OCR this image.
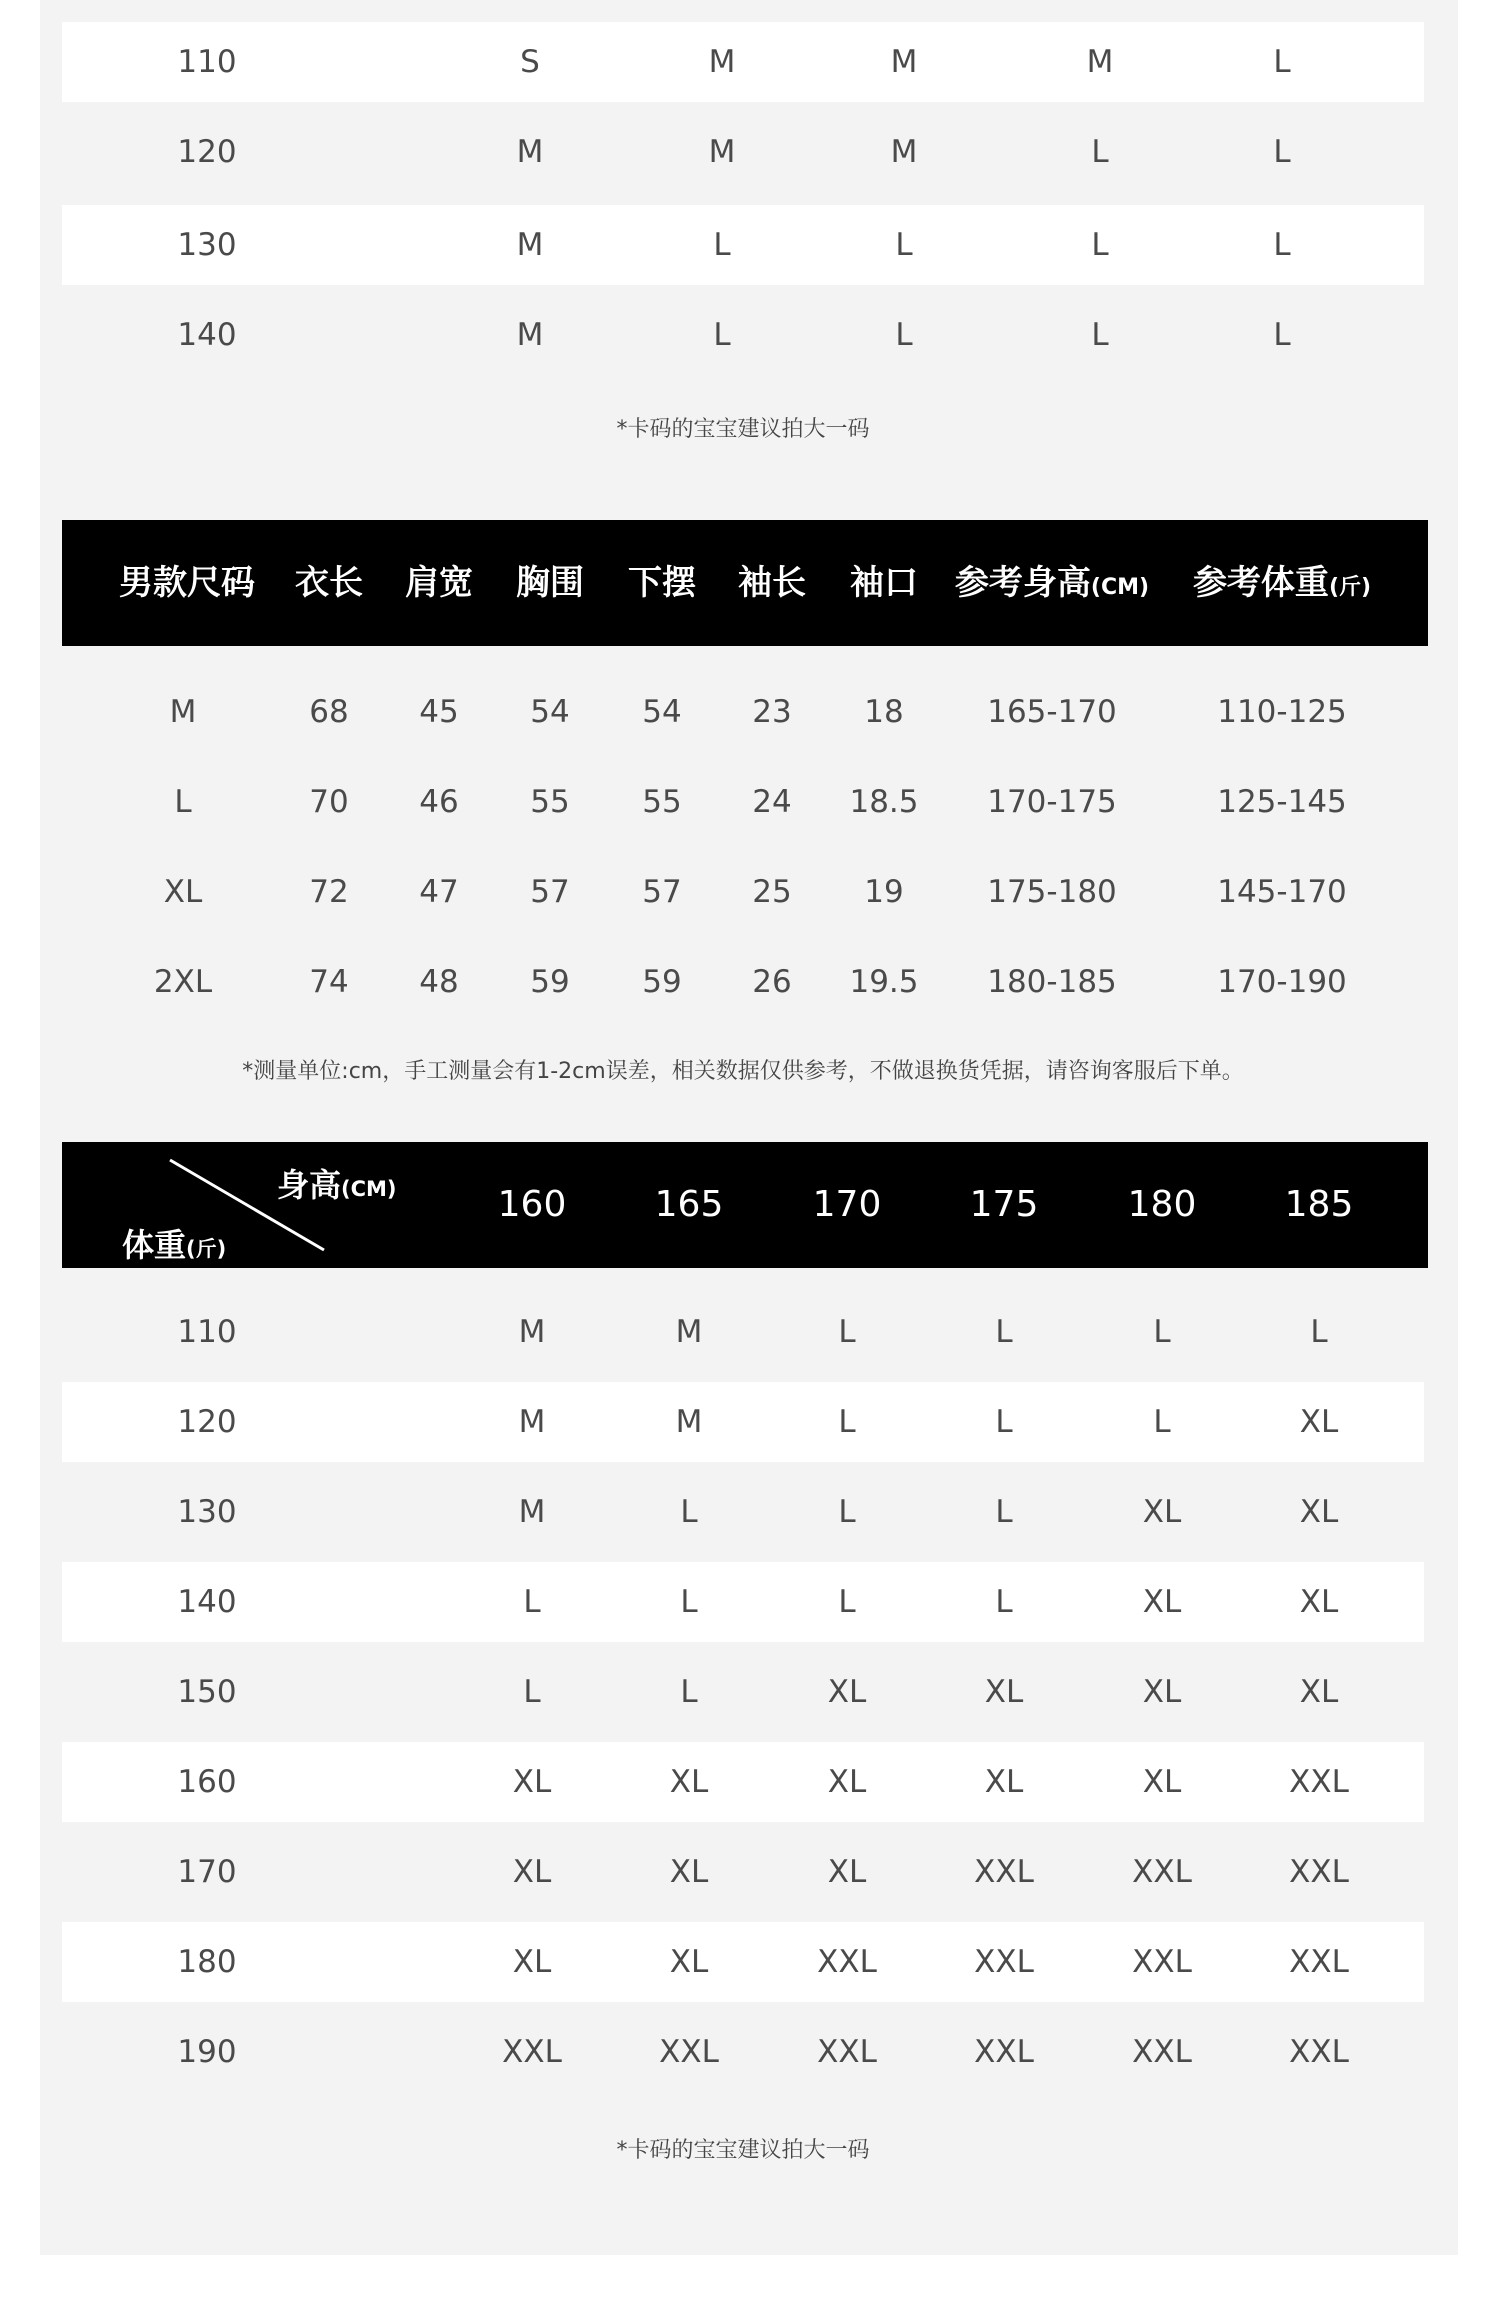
110	S	M	M	M	L
120	M	M	M	L	L
130	M	L	L	L	L
140	M	L	L	L	L
*卡码的宝宝建议拍大一码
男款尺码 衣长 肩宽 胸围 下摆 袖长 袖口 参考身高(CM) 参考体重(斤)
M	68 45 54 54 23 18	165-170	110-125
L	70 46 55 55 24 18.5 170-175	125-145
XL	72 47 57 57 25 19	175-180	145-170
2XL	74 48 59 59 26 19.5 180-185	170-190
*测量单位:cm，手工测量会有1-2cm误差，相关数据仅供参考，不做退换货凭据，请咨询客服后下单。
身高(CM)
体重(斤)
160 165 170 175 180 185
110	M	M	L	L	L	L
120	M	M	L	L	L	XL
130	M	L	L	L	XL	XL
140	L	L	L	L	XL	XL
150	L	L	XL	XL	XL	XL
160	XL	XL	XL	XL	XL	XXL
170	XL	XL	XL	XXL	XXL	XXL
180	XL	XL	XXL	XXL	XXL	XXL
190	XXL	XXL	XXL	XXL	XXL	XXL
*卡码的宝宝建议拍大一码
